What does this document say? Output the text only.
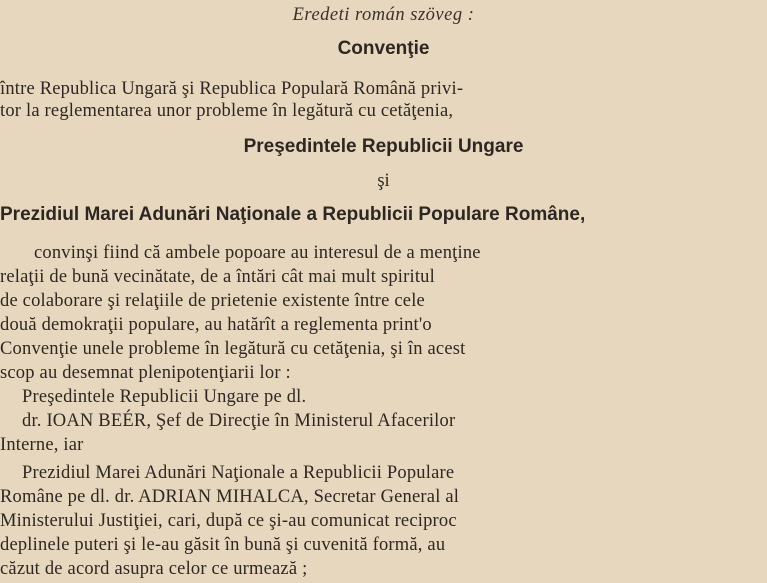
Eredeti román szöveg :
Convenţie
între Republica Ungară şi Republica Populară Română privi-
tor la reglementarea unor probleme în legătură cu cetăţenia,
Preşedintele Republicii Ungare
şi
Prezidiul Marei Adunări Naţionale a Republicii Populare Române,
convinşi fiind că ambele popoare au interesul de a menţine
relaţii de bună vecinătate, de a întări cât mai mult spiritul
de colaborare şi relaţiile de prietenie existente între cele
două demokraţii populare, au hatărît a reglementa print'o
Convenţie unele probleme în legătură cu cetăţenia, şi în acest
scop au desemnat plenipotenţiarii lor :
Preşedintele Republicii Ungare pe dl.
dr. IOAN BEÉR, Şef de Direcţie în Ministerul Afacerilor
Interne, iar
Prezidiul Marei Adunări Naţionale a Republicii Populare
Române pe dl. dr. ADRIAN MIHALCA, Secretar General al
Ministerului Justiţiei, cari, după ce şi-au comunicat reciproc
deplinele puteri şi le-au găsit în bună şi cuvenită formă, au
căzut de acord asupra celor ce urmează ;
